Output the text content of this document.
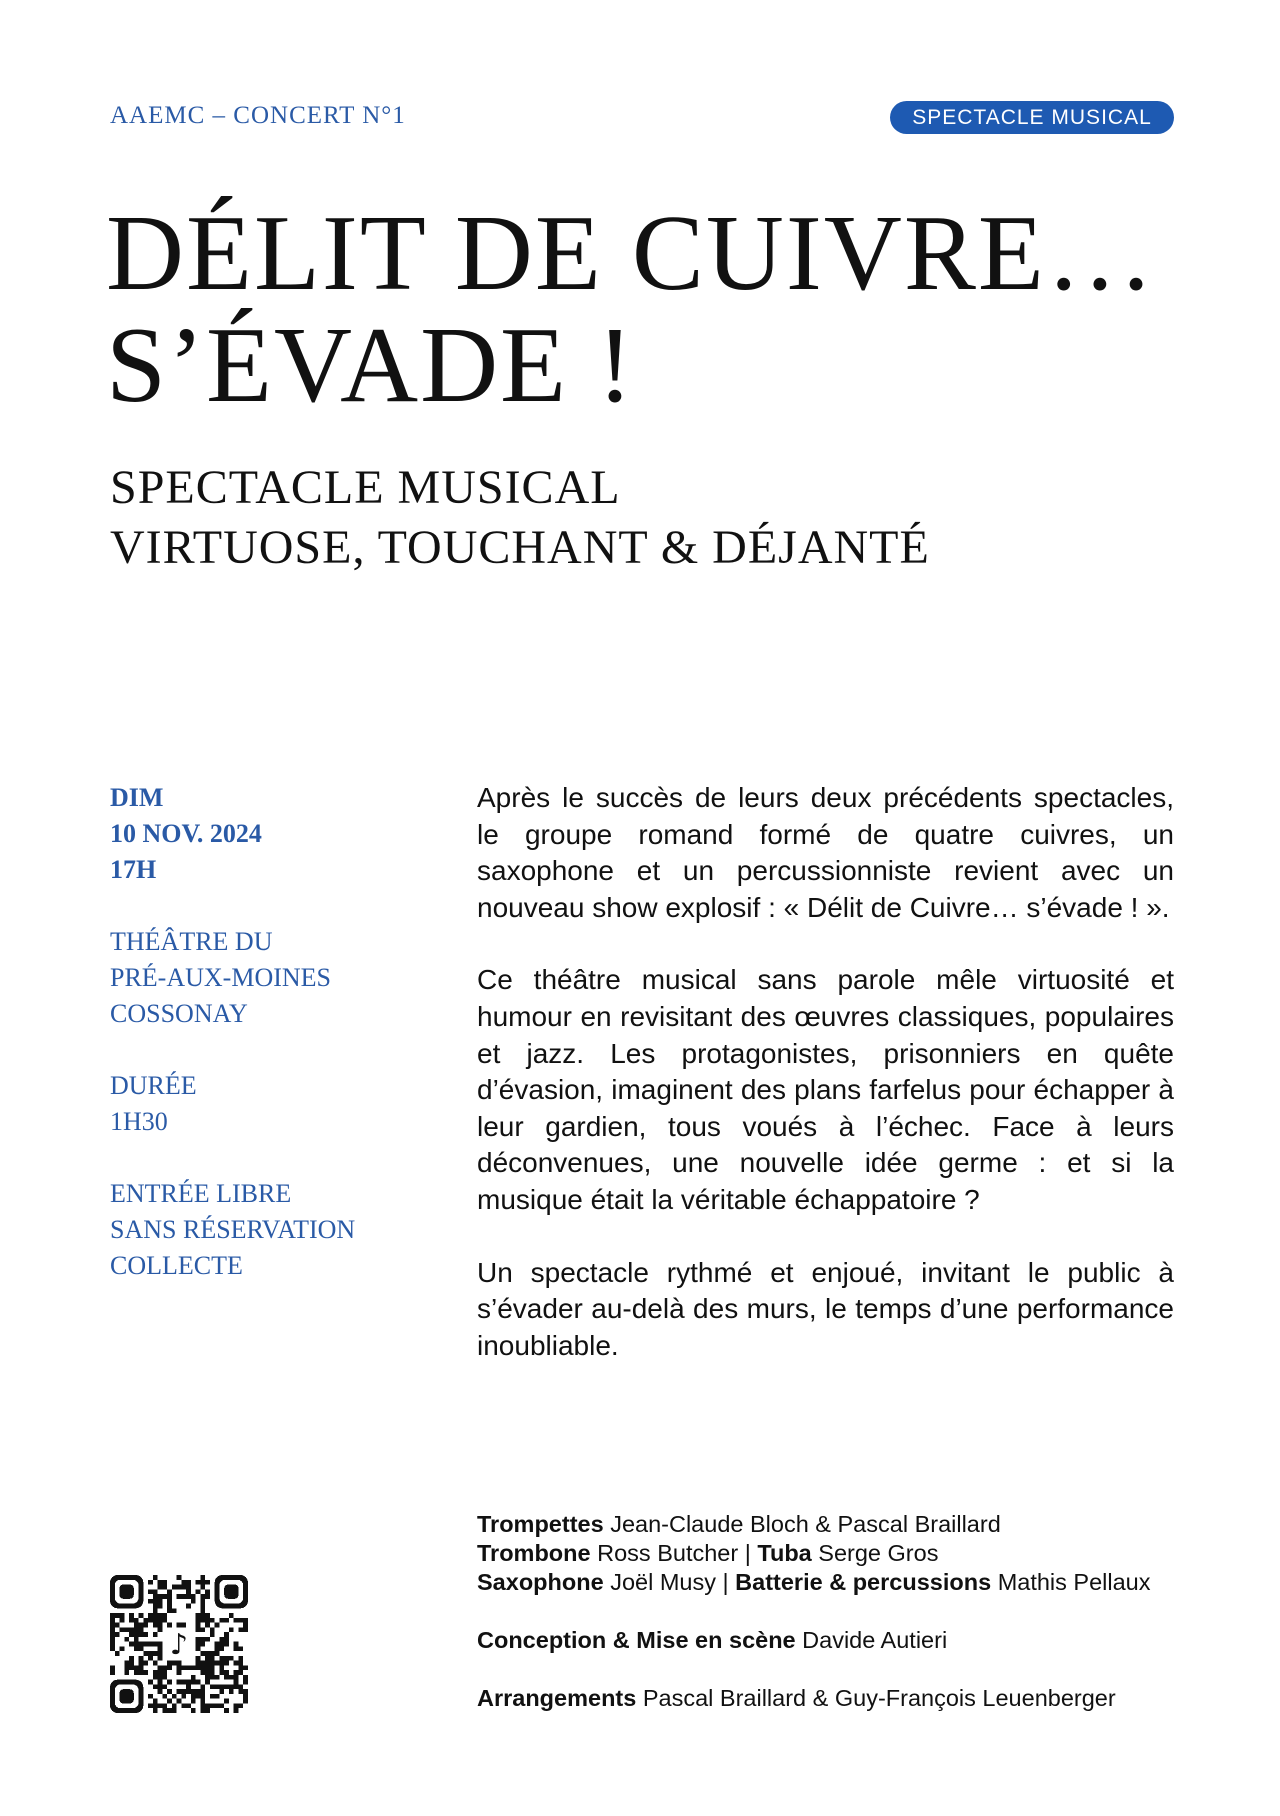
AAEMC – CONCERT N°1	SPECTACLE MUSICAL
DÉLIT DE CUIVRE…
S’ÉVADE !
SPECTACLE MUSICAL
VIRTUOSE, TOUCHANT & DÉJANTÉ
DIM
10 NOV. 2024
17H
THÉÂTRE DU
PRÉ-AUX-MOINES
COSSONAY
DURÉE
1H30
ENTRÉE LIBRE
SANS RÉSERVATION
COLLECTE

Après le succès de leurs deux précédents spectacles, le groupe romand formé de quatre cuivres, un saxophone et un percussionniste revient avec un nouveau show explosif : « Délit de Cuivre… s’évade ! ».

Ce théâtre musical sans parole mêle virtuosité et humour en revisitant des œuvres classiques, populaires et jazz. Les protagonistes, prisonniers en quête d’évasion, imaginent des plans farfelus pour échapper à leur gardien, tous voués à l’échec. Face à leurs déconvenues, une nouvelle idée germe : et si la musique était la véritable échappatoire ?

Un spectacle rythmé et enjoué, invitant le public à s’évader au-delà des murs, le temps d’une performance inoubliable.

Trompettes Jean-Claude Bloch & Pascal Braillard
Trombone Ross Butcher | Tuba Serge Gros
Saxophone Joël Musy | Batterie & percussions Mathis Pellaux
Conception & Mise en scène Davide Autieri
Arrangements Pascal Braillard & Guy-François Leuenberger
♪
